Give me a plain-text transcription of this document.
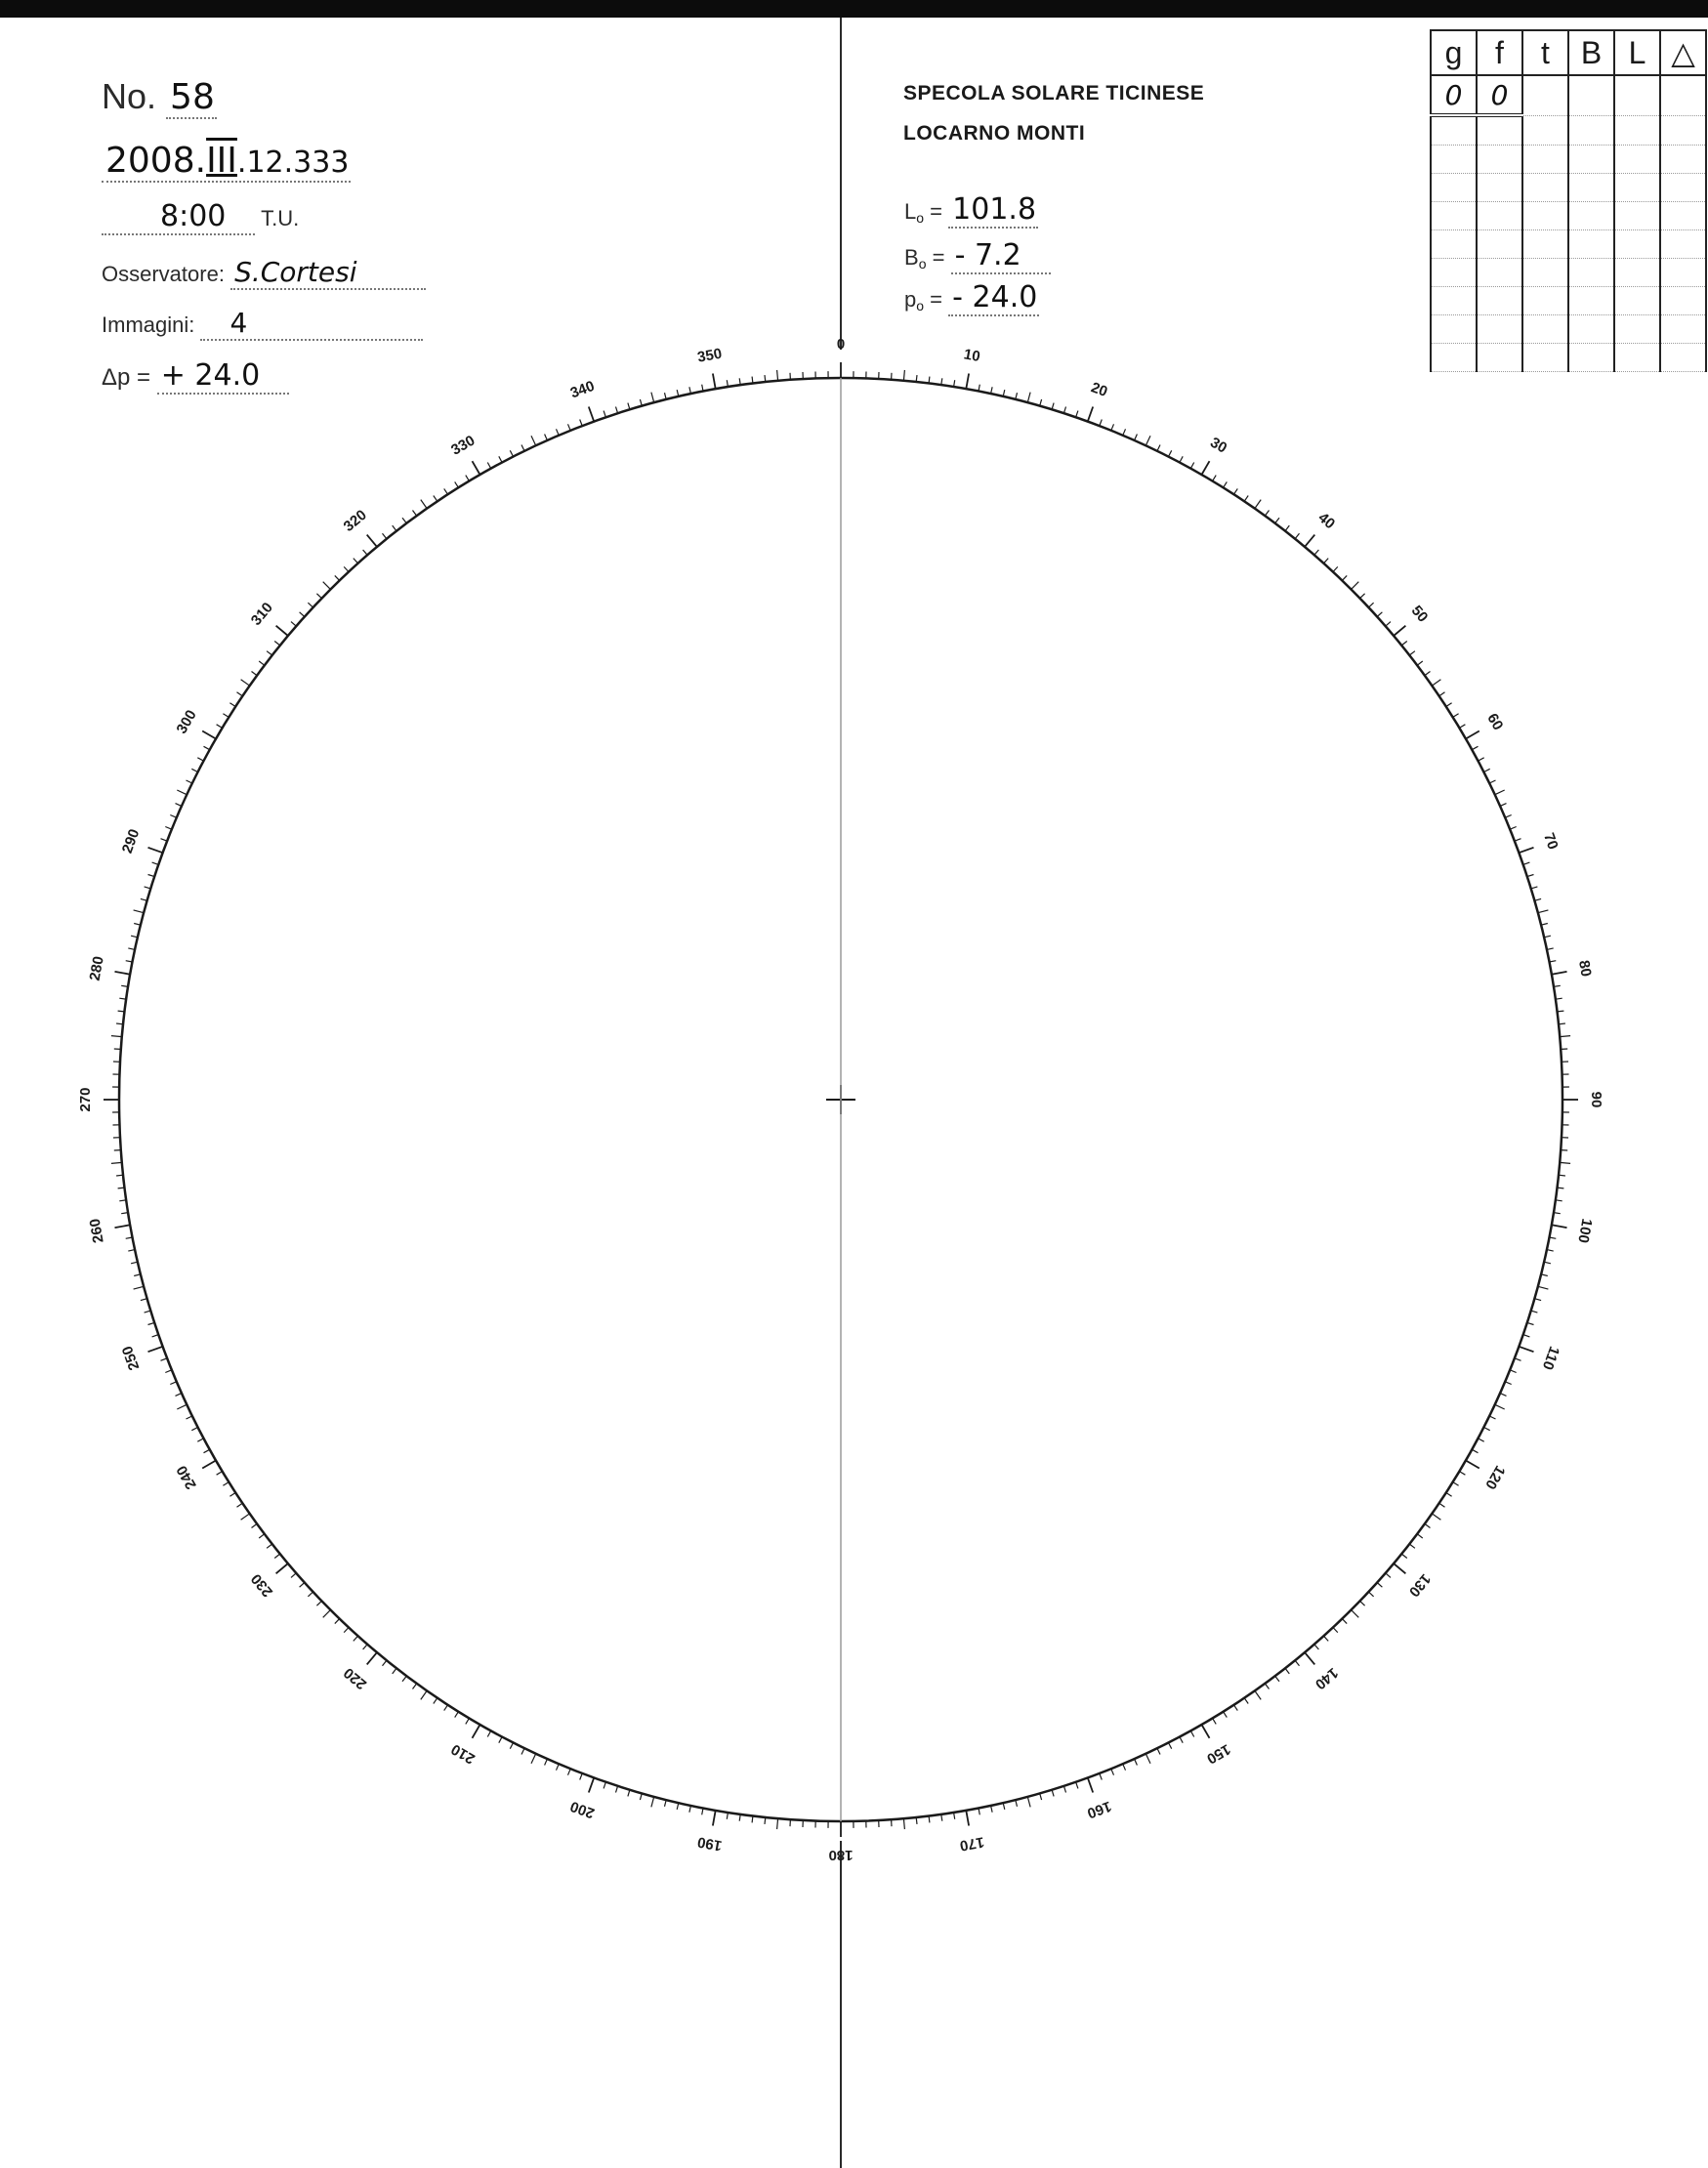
No. 58
2008.III.12.333
8:00 T.U.
Osservatore: S.Cortesi
Immagini: 4
Δp = + 24.0
SPECOLA SOLARE TICINESE
LOCARNO MONTI
$L_o = 101.8$
$B_o$ = - 7.2
$p_o$ = - 24.0
g	f	t	B	L	△
0	0				

0
10
20
30
40
50
60
70
80
90
100
110
120
130
140
150
160
170
180
190
200
210
220
230
240
250
260
270
280
290
300
310
320
330
340
350
